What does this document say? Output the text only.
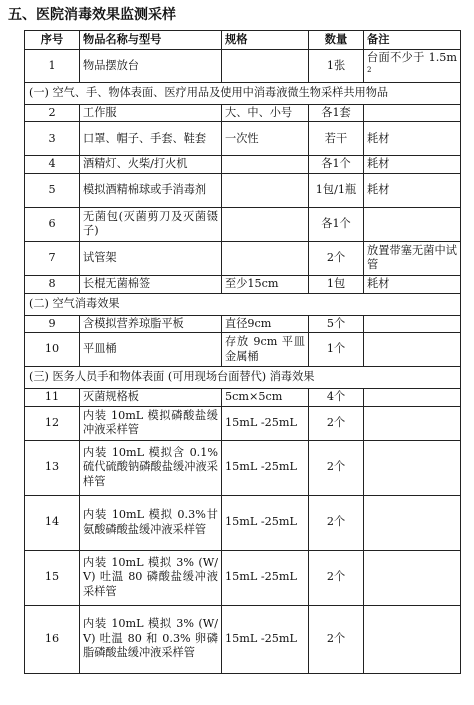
五、医院消毒效果监测采样
序号	物品名称与型号	规格	数量	备注
1	物品摆放台		1张	台面不少于 $1.5m^2$
(一) 空气、手、物体表面、医疗用品及使用中消毒液微生物采样共用物品				
2	工作服	大、中、小号	各1套	
3	口罩、帽子、手套、鞋套	一次性	若干	耗材
4	酒精灯、火柴/打火机		各1个	耗材
5	模拟酒精棉球或手消毒剂		1包/1瓶	耗材
6	无菌包(灭菌剪刀及灭菌镊子)		各1个	
7	试管架		2个	放置带塞无菌中试管
8	长棍无菌棉签	至少15cm	1包	耗材
(二) 空气消毒效果				
9	含模拟营养琼脂平板	直径9cm	5个	
10	平皿桶	存放 9cm 平皿金属桶	1个	
(三) 医务人员手和物体表面 (可用现场台面替代) 消毒效果				
11	灭菌规格板	5cm×5cm	4个	
12	内装 10mL 模拟磷酸盐缓冲液采样管	15mL -25mL	2个	
13	内装 10mL 模拟含 0.1% 硫代硫酸钠磷酸盐缓冲液采样管	15mL -25mL	2个	
14	内装 10mL 模拟 0.3%甘氨酸磷酸盐缓冲液采样管	15mL -25mL	2个	
15	内装 10mL 模拟 3% (W/V) 吐温 80 磷酸盐缓冲液采样管	15mL -25mL	2个	
16	内装 10mL 模拟 3% (W/V) 吐温 80 和 0.3% 卵磷脂磷酸盐缓冲液采样管	15mL -25mL	2个	
